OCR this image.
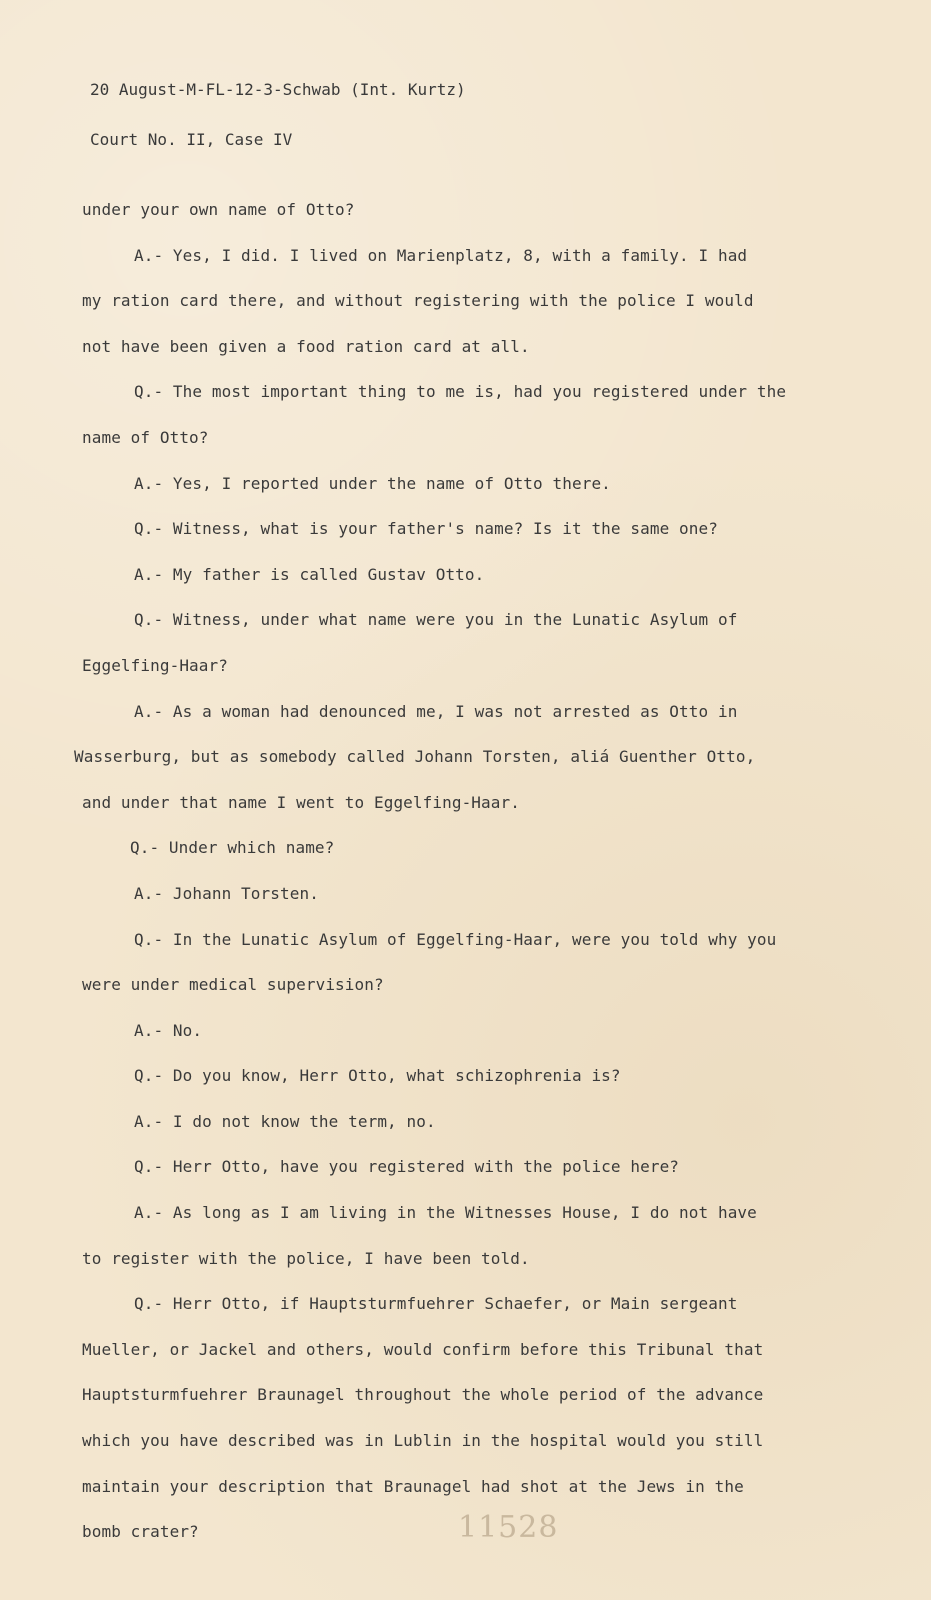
20 August-M-FL-12-3-Schwab (Int. Kurtz)
Court No. II, Case IV
under your own name of Otto?
A.- Yes, I did. I lived on Marienplatz, 8, with a family. I had
my ration card there, and without registering with the police I would
not have been given a food ration card at all.
Q.- The most important thing to me is, had you registered under the
name of Otto?
A.- Yes, I reported under the name of Otto there.
Q.- Witness, what is your father's name? Is it the same one?
A.- My father is called Gustav Otto.
Q.- Witness, under what name were you in the Lunatic Asylum of
Eggelfing-Haar?
A.- As a woman had denounced me, I was not arrested as Otto in
Wasserburg, but as somebody called Johann Torsten, aliá Guenther Otto,
and under that name I went to Eggelfing-Haar.
Q.- Under which name?
A.- Johann Torsten.
Q.- In the Lunatic Asylum of Eggelfing-Haar, were you told why you
were under medical supervision?
A.- No.
Q.- Do you know, Herr Otto, what schizophrenia is?
A.- I do not know the term, no.
Q.- Herr Otto, have you registered with the police here?
A.- As long as I am living in the Witnesses House, I do not have
to register with the police, I have been told.
Q.- Herr Otto, if Hauptsturmfuehrer Schaefer, or Main sergeant
Mueller, or Jackel and others, would confirm before this Tribunal that
Hauptsturmfuehrer Braunagel throughout the whole period of the advance
which you have described was in Lublin in the hospital would you still
maintain your description that Braunagel had shot at the Jews in the
bomb crater?	11528
